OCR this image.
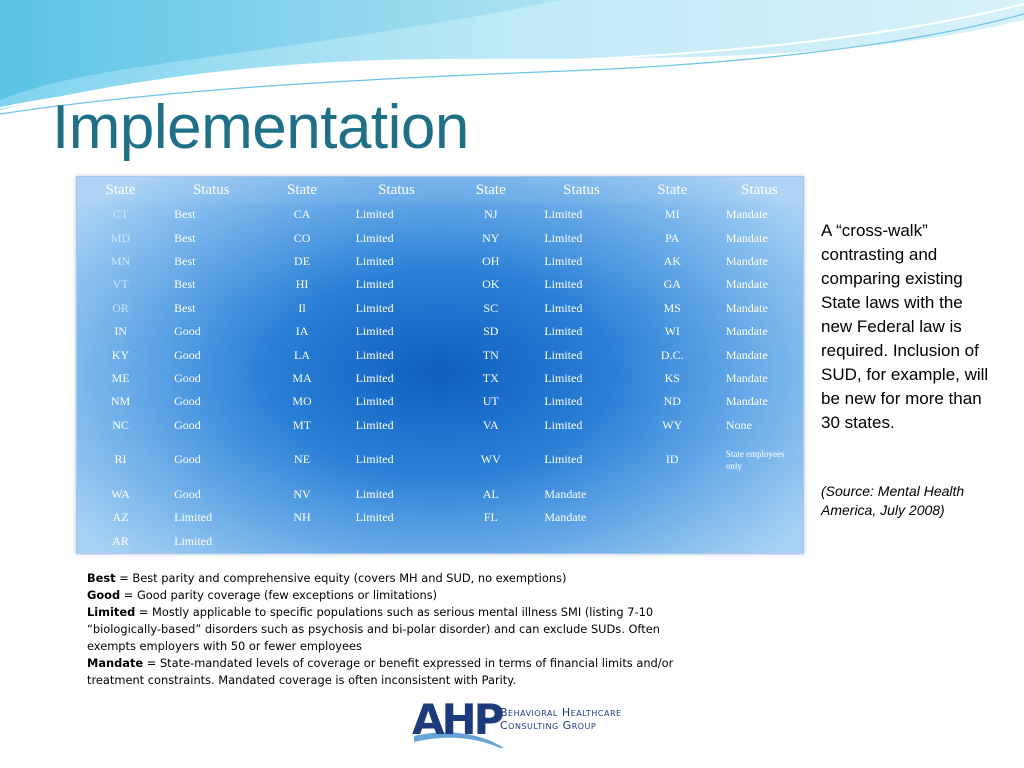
Implementation
State	Status	State	Status	State	Status	State	Status
CT	Best	CA	Limited	NJ	Limited	MI	Mandate
MD	Best	CO	Limited	NY	Limited	PA	Mandate
MN	Best	DE	Limited	OH	Limited	AK	Mandate
VT	Best	HI	Limited	OK	Limited	GA	Mandate
OR	Best	Il	Limited	SC	Limited	MS	Mandate
IN	Good	IA	Limited	SD	Limited	WI	Mandate
KY	Good	LA	Limited	TN	Limited	D.C.	Mandate
ME	Good	MA	Limited	TX	Limited	KS	Mandate
NM	Good	MO	Limited	UT	Limited	ND	Mandate
NC	Good	MT	Limited	VA	Limited	WY	None
RI	Good	NE	Limited	WV	Limited	ID	State employees only
WA	Good	NV	Limited	AL	Mandate		
AZ	Limited	NH	Limited	FL	Mandate		
AR	Limited						
A “cross-walk” contrasting and comparing existing State laws with the new Federal law is required. Inclusion of SUD, for example, will be new for more than 30 states.
(Source: Mental Health America, July 2008)
Best = Best parity and comprehensive equity (covers MH and SUD, no exemptions)
Good = Good parity coverage (few exceptions or limitations)
Limited = Mostly applicable to specific populations such as serious mental illness SMI (listing 7-10 “biologically-based” disorders such as psychosis and bi-polar disorder) and can exclude SUDs. Often exempts employers with 50 or fewer employees
Mandate = State-mandated levels of coverage or benefit expressed in terms of financial limits and/or treatment constraints. Mandated coverage is often inconsistent with Parity.
AHP
Behavioral Healthcare
Consulting Group
